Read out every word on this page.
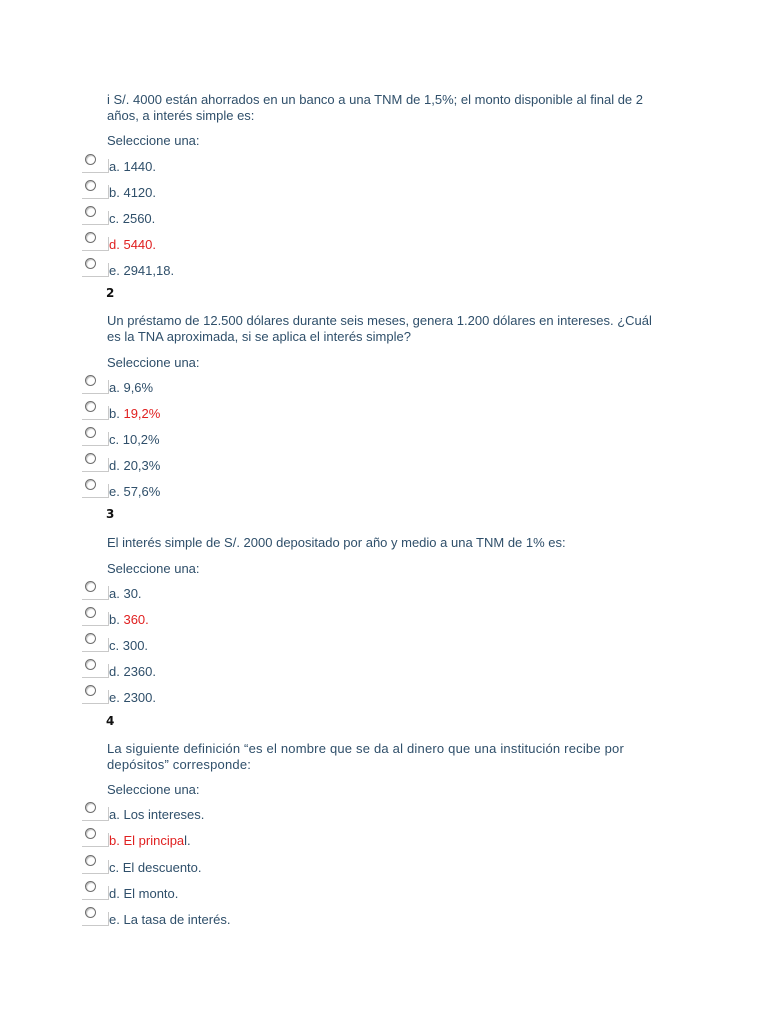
i S/. 4000 están ahorrados en un banco a una TNM de 1,5%; el monto disponible al final de 2 años, a interés simple es:
Seleccione una:
a. 1440.
b. 4120.
c. 2560.
d. 5440.
e. 2941,18.
2
Un préstamo de 12.500 dólares durante seis meses, genera 1.200 dólares en intereses. ¿Cuál es la TNA aproximada, si se aplica el interés simple?
Seleccione una:
a. 9,6%
b. 19,2%
c. 10,2%
d. 20,3%
e. 57,6%
3
El interés simple de S/. 2000 depositado por año y medio a una TNM de 1% es:
Seleccione una:
a. 30.
b. 360.
c. 300.
d. 2360.
e. 2300.
4
La siguiente definición “es el nombre que se da al dinero que una institución recibe por depósitos” corresponde:
Seleccione una:
a. Los intereses.
b. El principal.
c. El descuento.
d. El monto.
e. La tasa de interés.
